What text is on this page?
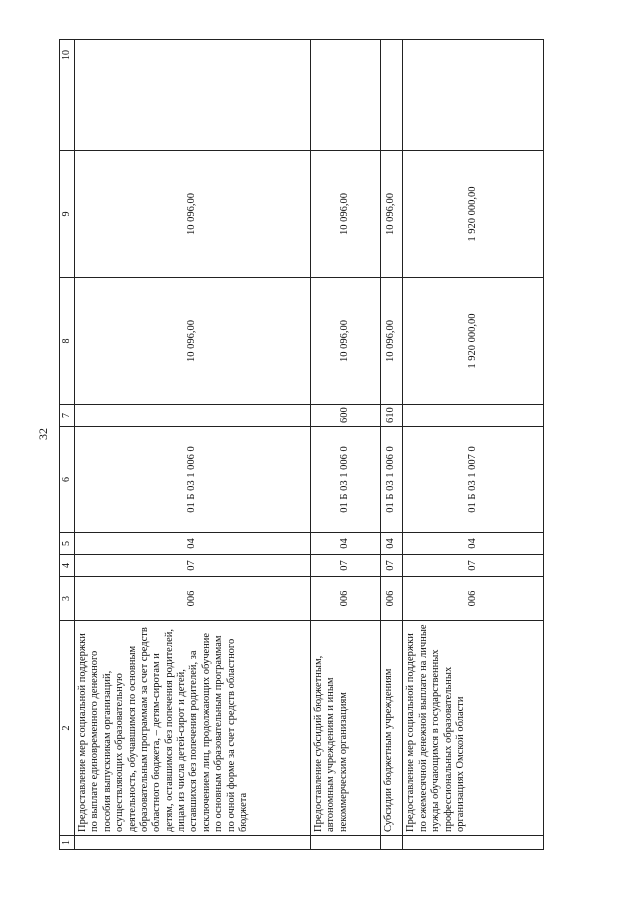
32
1	2	3	4	5	6	7	8	9	10
	Предоставление мер социальной поддержки по выплате единовременного денежного пособия выпускникам организаций, осуществляющих образовательную деятельность, обучавшимся по основным образовательным программам за счет средств областного бюджета, – детям-сиротам и детям, оставшимся без попечения родителей, лицам из числа детей-сирот и детей, оставшихся без попечения родителей, за исключением лиц, продолжающих обучение по основным образовательным программам по очной форме за счет средств областного бюджета	006	07	04	01 Б 03 1 006 0		10 096,00	10 096,00	
	Предоставление субсидий бюджетным, автономным учреждениям и иным некоммерческим организациям	006	07	04	01 Б 03 1 006 0	600	10 096,00	10 096,00	
	Субсидии бюджетным учреждениям	006	07	04	01 Б 03 1 006 0	610	10 096,00	10 096,00	
	Предоставление мер социальной поддержки по ежемесячной денежной выплате на личные нужды обучающимся в государственных профессиональных образовательных организациях Омской области	006	07	04	01 Б 03 1 007 0		1 920 000,00	1 920 000,00	
